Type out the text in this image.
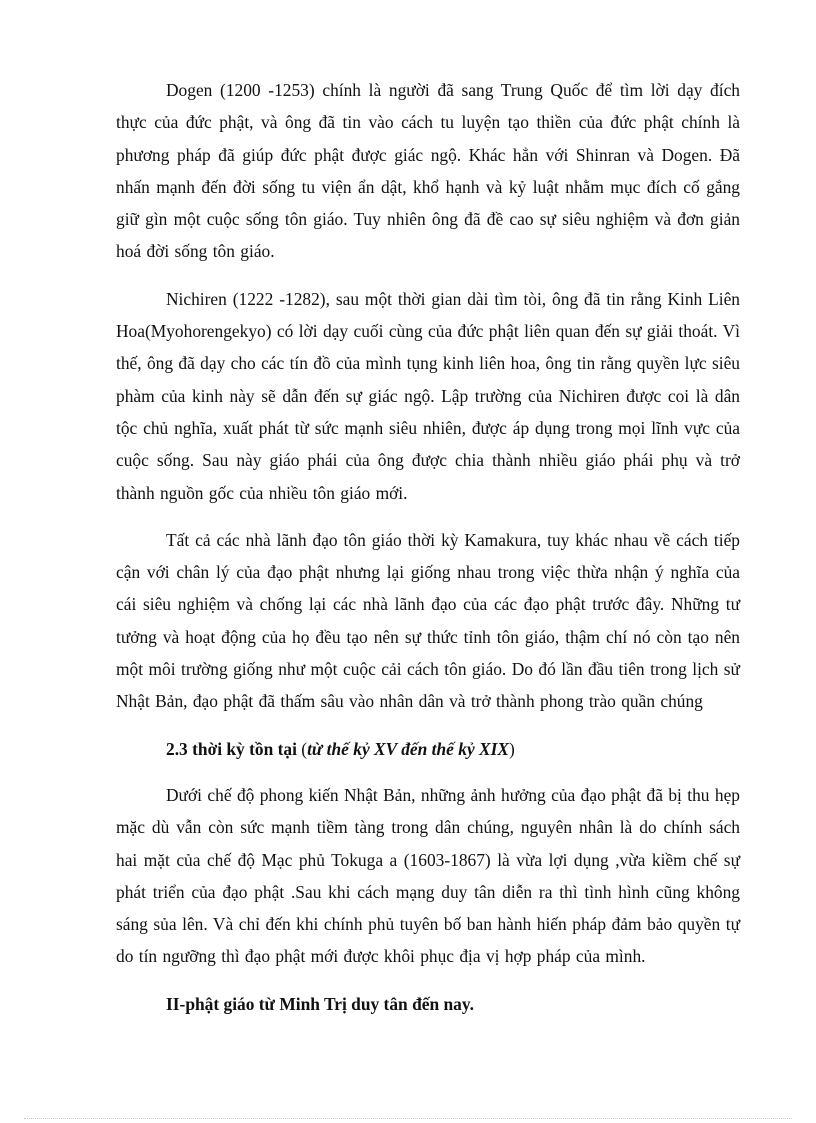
Dogen (1200 -1253) chính là người đã sang Trung Quốc để tìm lời dạy đích thực của đức phật, và ông đã tin vào cách tu luyện tạo thiền của đức phật chính là phương pháp đã giúp đức phật được giác ngộ. Khác hẳn với Shinran và Dogen. Đã nhấn mạnh đến đời sống tu viện ẩn dật, khổ hạnh và kỷ luật nhằm mục đích cố gắng giữ gìn một cuộc sống tôn giáo. Tuy nhiên ông đã đề cao sự siêu nghiệm và đơn giản hoá đời sống tôn giáo.

Nichiren (1222 -1282), sau một thời gian dài tìm tòi, ông đã tin rằng Kinh Liên Hoa(Myohorengekyo) có lời dạy cuối cùng của đức phật liên quan đến sự giải thoát. Vì thế, ông đã dạy cho các tín đồ của mình tụng kinh liên hoa, ông tin rằng quyền lực siêu phàm của kinh này sẽ dẫn đến sự giác ngộ. Lập trường của Nichiren được coi là dân tộc chủ nghĩa, xuất phát từ sức mạnh siêu nhiên, được áp dụng trong mọi lĩnh vực của cuộc sống. Sau này giáo phái của ông được chia thành nhiều giáo phái phụ và trở thành nguồn gốc của nhiều tôn giáo mới.

Tất cả các nhà lãnh đạo tôn giáo thời kỳ Kamakura, tuy khác nhau về cách tiếp cận với chân lý của đạo phật nhưng lại giống nhau trong việc thừa nhận ý nghĩa của cái siêu nghiệm và chống lại các nhà lãnh đạo của các đạo phật trước đây. Những tư tưởng và hoạt động của họ đều tạo nên sự thức tỉnh tôn giáo, thậm chí nó còn tạo nên một môi trường giống như một cuộc cải cách tôn giáo. Do đó lần đầu tiên trong lịch sử Nhật Bản, đạo phật đã thấm sâu vào nhân dân và trở thành phong trào quần chúng

2.3 thời kỳ tồn tại (từ thế kỷ XV đến thế kỷ XIX)

Dưới chế độ phong kiến Nhật Bản, những ảnh hưởng của đạo phật đã bị thu hẹp mặc dù vẫn còn sức mạnh tiềm tàng trong dân chúng, nguyên nhân là do chính sách hai mặt của chế độ Mạc phủ Tokuga a (1603-1867) là vừa lợi dụng ,vừa kiềm chế sự phát triển của đạo phật .Sau khi cách mạng duy tân diễn ra thì tình hình cũng không sáng sủa lên. Và chỉ đến khi chính phủ tuyên bố ban hành hiến pháp đảm bảo quyền tự do tín ngưỡng thì đạo phật mới được khôi phục địa vị hợp pháp của mình.

II-phật giáo từ Minh Trị duy tân đến nay.
